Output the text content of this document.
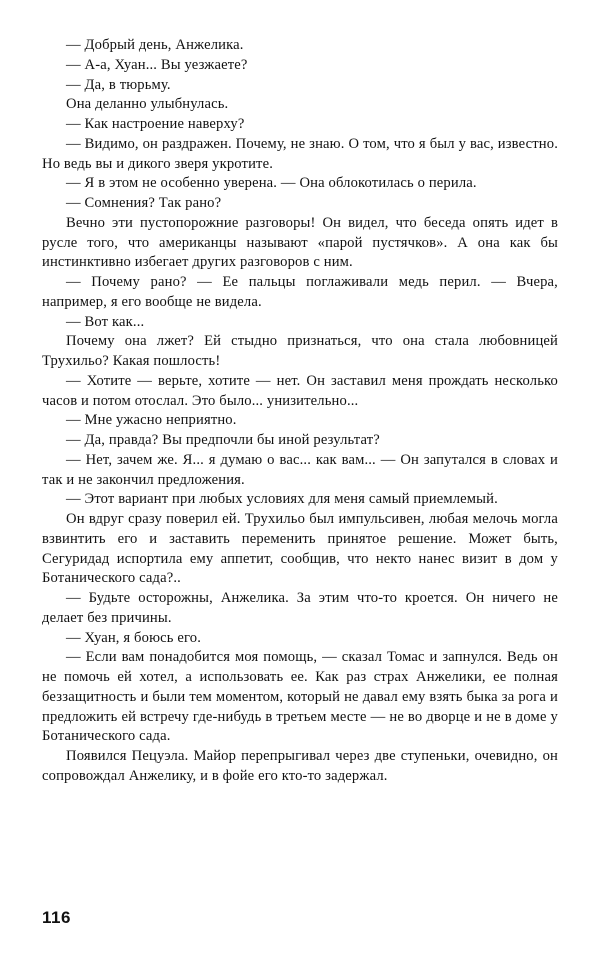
— Добрый день, Анжелика.

— А-а, Хуан... Вы уезжаете?

— Да, в тюрьму.

Она деланно улыбнулась.

— Как настроение наверху?

— Видимо, он раздражен. Почему, не знаю. О том, что я был у вас, известно. Но ведь вы и дикого зверя укротите.

— Я в этом не особенно уверена. — Она облокотилась о перила.

— Сомнения? Так рано?

Вечно эти пустопорожние разговоры! Он видел, что беседа опять идет в русле того, что американцы называют «парой пустячков». А она как бы инстинктивно избегает других разговоров с ним.

— Почему рано? — Ее пальцы поглаживали медь перил. — Вчера, например, я его вообще не видела.

— Вот как...

Почему она лжет? Ей стыдно признаться, что она стала любовницей Трухильо? Какая пошлость!

— Хотите — верьте, хотите — нет. Он заставил меня прождать несколько часов и потом отослал. Это было... унизительно...

— Мне ужасно неприятно.

— Да, правда? Вы предпочли бы иной результат?

— Нет, зачем же. Я... я думаю о вас... как вам... — Он запутался в словах и так и не закончил предложения.

— Этот вариант при любых условиях для меня самый приемлемый.

Он вдруг сразу поверил ей. Трухильо был импульсивен, любая мелочь могла взвинтить его и заставить переменить принятое решение. Может быть, Сегуридад испортила ему аппетит, сообщив, что некто нанес визит в дом у Ботанического сада?..

— Будьте осторожны, Анжелика. За этим что-то кроется. Он ничего не делает без причины.

— Хуан, я боюсь его.

— Если вам понадобится моя помощь, — сказал Томас и запнулся. Ведь он не помочь ей хотел, а использовать ее. Как раз страх Анжелики, ее полная беззащитность и были тем моментом, который не давал ему взять быка за рога и предложить ей встречу где-нибудь в третьем месте — не во дворце и не в доме у Ботанического сада.

Появился Пецуэла. Майор перепрыгивал через две ступеньки, очевидно, он сопровождал Анжелику, и в фойе его кто-то задержал.

116
